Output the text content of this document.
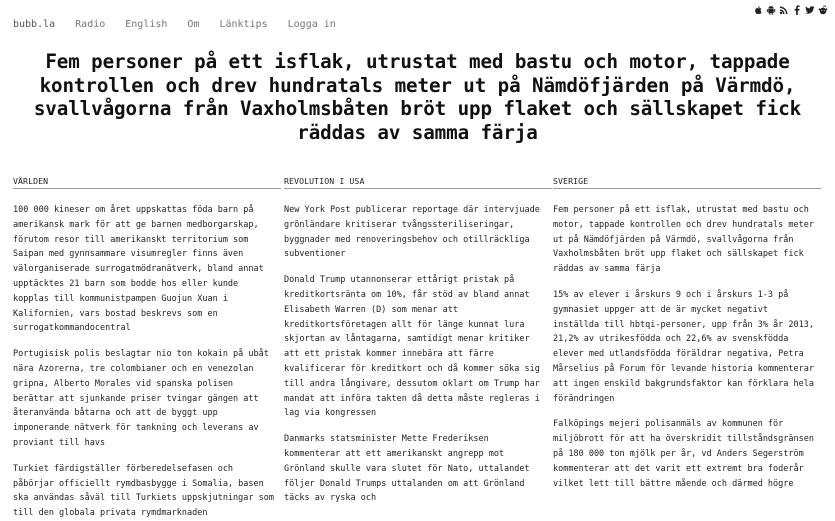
bubb.la Radio English Om Länktips Logga in
Fem personer på ett isflak, utrustat med bastu och motor, tappade kontrollen och drev hundratals meter ut på Nämdöfjärden på Värmdö, svallvågorna från Vaxholmsbåten bröt upp flaket och sällskapet fick räddas av samma färja
VÄRLDEN

100 000 kineser om året uppskattas föda barn på amerikansk mark för att ge barnen medborgarskap, förutom resor till amerikanskt territorium som Saipan med gynnsammare visumregler finns även välorganiserade surrogatmödranätverk, bland annat upptäcktes 21 barn som bodde hos eller kunde kopplas till kommunistpampen Guojun Xuan i Kalifornien, vars bostad beskrevs som en surrogatkommandocentral

Portugisisk polis beslagtar nio ton kokain på ubåt nära Azorerna, tre colombianer och en venezolan gripna, Alberto Morales vid spanska polisen berättar att sjunkande priser tvingar gängen att återanvända båtarna och att de byggt upp imponerande nätverk för tankning och leverans av proviant till havs

Turkiet färdigställer förberedelsefasen och påbörjar officiellt rymdbasbygge i Somalia, basen ska användas såväl till Turkiets uppskjutningar som till den globala privata rymdmarknaden

REVOLUTION I USA

New York Post publicerar reportage där intervjuade grönländare kritiserar tvångssteriliseringar, byggnader med renoveringsbehov och otillräckliga subventioner

Donald Trump utannonserar ettårigt pristak på kreditkortsränta om 10%, får stöd av bland annat Elisabeth Warren (D) som menar att kreditkortsföretagen allt för länge kunnat lura skjortan av låntagarna, samtidigt menar kritiker att ett pristak kommer innebära att färre kvalificerar för kreditkort och då kommer söka sig till andra långivare, dessutom oklart om Trump har mandat att införa takten då detta måste regleras i lag via kongressen

Danmarks statsminister Mette Frederiksen kommenterar att ett amerikanskt angrepp mot Grönland skulle vara slutet för Nato, uttalandet följer Donald Trumps uttalanden om att Grönland täcks av ryska och

SVERIGE

Fem personer på ett isflak, utrustat med bastu och motor, tappade kontrollen och drev hundratals meter ut på Nämdöfjärden på Värmdö, svallvågorna från Vaxholmsbåten bröt upp flaket och sällskapet fick räddas av samma färja

15% av elever i årskurs 9 och i årskurs 1-3 på gymnasiet uppger att de är mycket negativt inställda till hbtqi-personer, upp från 3% år 2013, 21,2% av utrikesfödda och 22,6% av svenskfödda elever med utlandsfödda föräldrar negativa, Petra Mårselius på Forum för levande historia kommenterar att ingen enskild bakgrundsfaktor kan förklara hela förändringen

Falköpings mejeri polisanmäls av kommunen för miljöbrott för att ha överskridit tillståndsgränsen på 180 000 ton mjölk per år, vd Anders Segerström kommenterar att det varit ett extremt bra foderår vilket lett till bättre mående och därmed högre
